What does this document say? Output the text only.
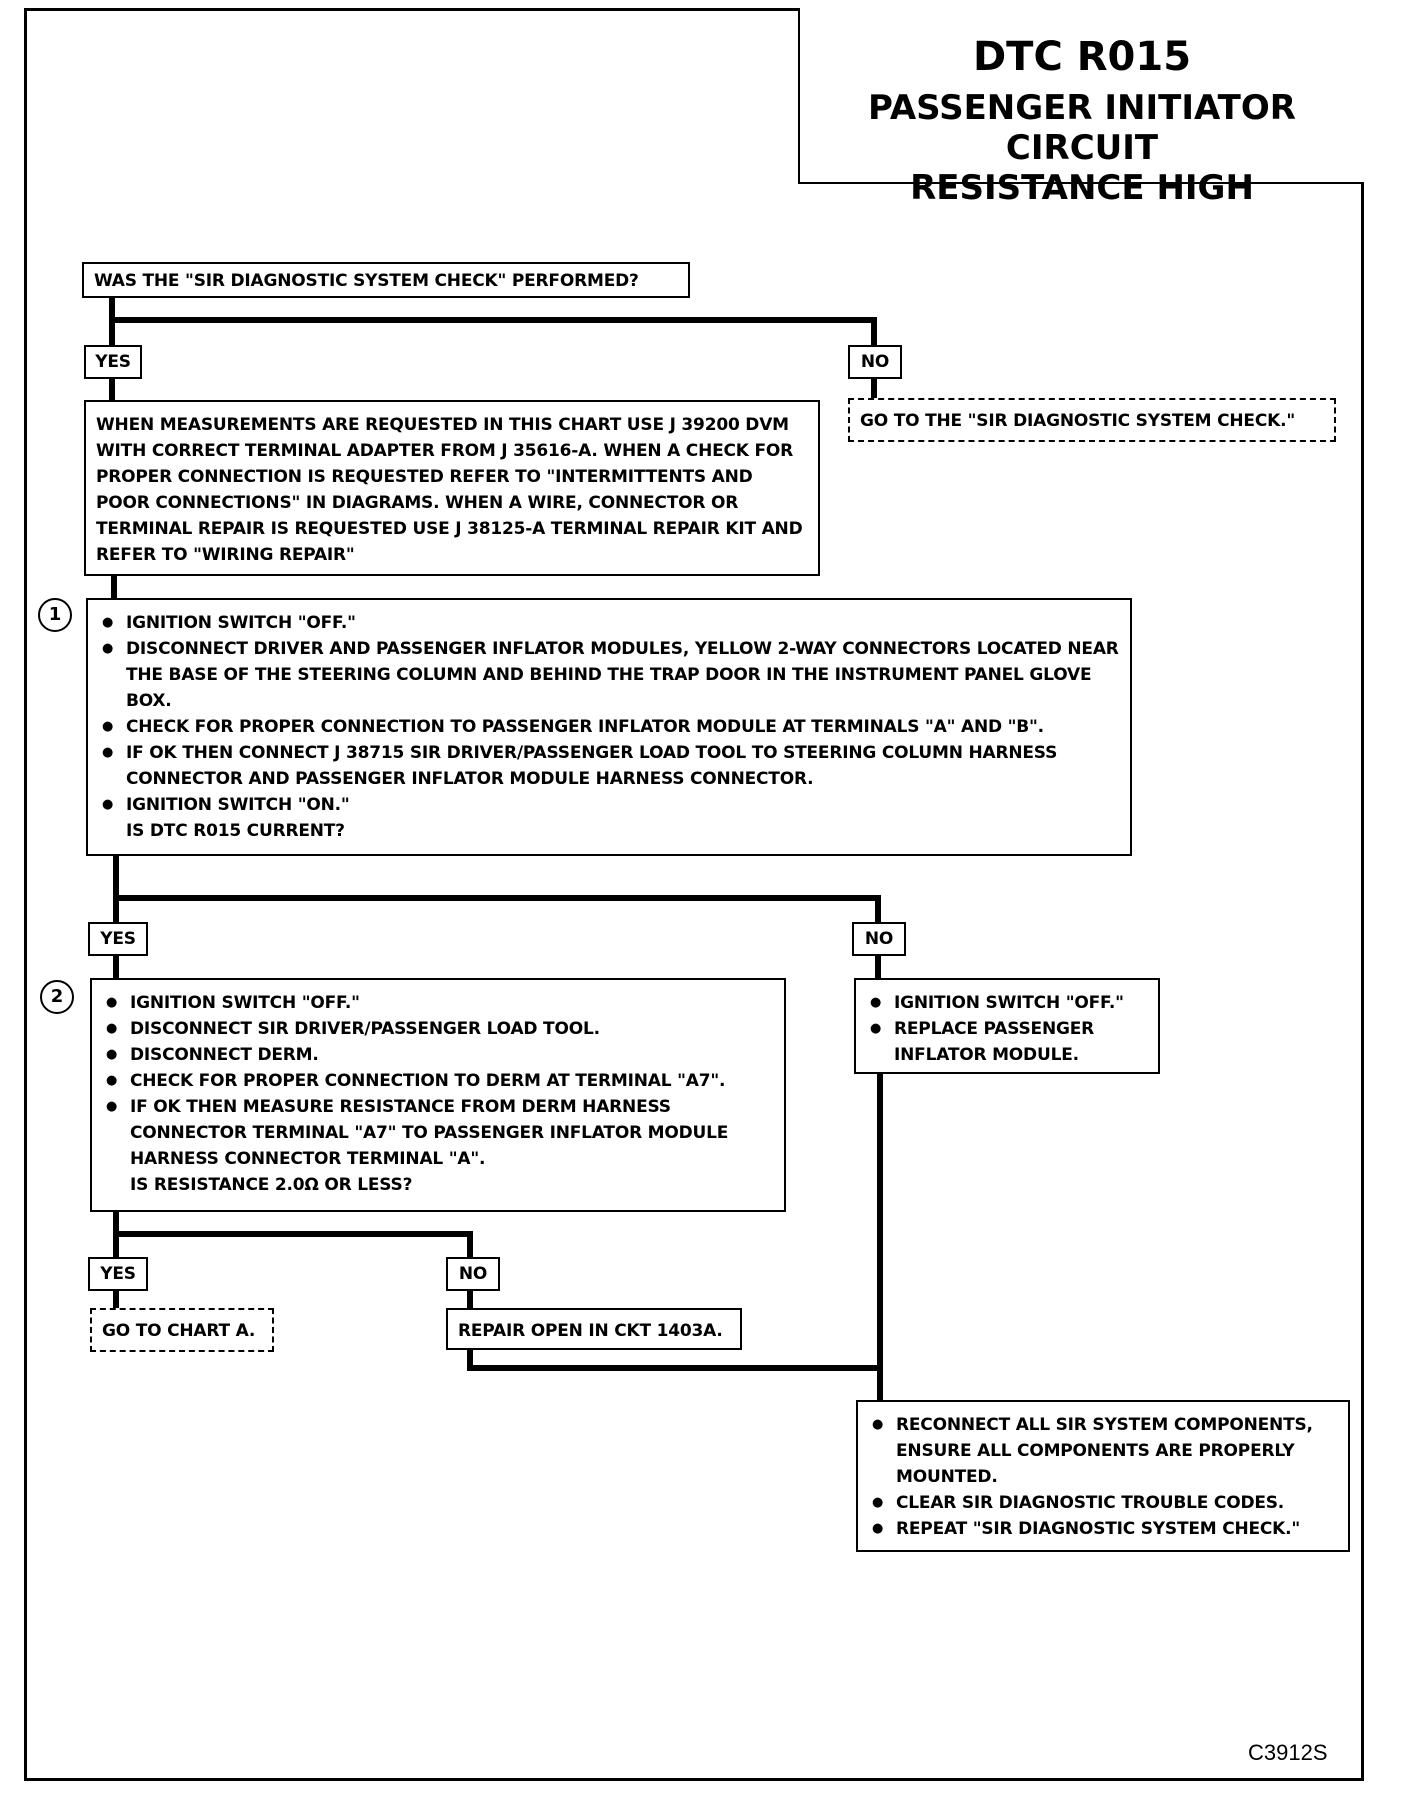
DTC R015
PASSENGER INITIATOR CIRCUIT
RESISTANCE HIGH
WAS THE "SIR DIAGNOSTIC SYSTEM CHECK" PERFORMED?
YES	NO
GO TO THE "SIR DIAGNOSTIC SYSTEM CHECK."
WHEN MEASUREMENTS ARE REQUESTED IN THIS CHART USE J 39200 DVM WITH CORRECT TERMINAL ADAPTER FROM J 35616-A. WHEN A CHECK FOR PROPER CONNECTION IS REQUESTED REFER TO "INTERMITTENTS AND POOR CONNECTIONS" IN DIAGRAMS. WHEN A WIRE, CONNECTOR OR TERMINAL REPAIR IS REQUESTED USE J 38125-A TERMINAL REPAIR KIT AND REFER TO "WIRING REPAIR"
1	● IGNITION SWITCH "OFF."
● DISCONNECT DRIVER AND PASSENGER INFLATOR MODULES, YELLOW 2-WAY CONNECTORS LOCATED NEAR THE BASE OF THE STEERING COLUMN AND BEHIND THE TRAP DOOR IN THE INSTRUMENT PANEL GLOVE BOX.
● CHECK FOR PROPER CONNECTION TO PASSENGER INFLATOR MODULE AT TERMINALS "A" AND "B".
● IF OK THEN CONNECT J 38715 SIR DRIVER/PASSENGER LOAD TOOL TO STEERING COLUMN HARNESS CONNECTOR AND PASSENGER INFLATOR MODULE HARNESS CONNECTOR.
● IGNITION SWITCH "ON."
IS DTC R015 CURRENT?
YES	NO
2	● IGNITION SWITCH "OFF."
● DISCONNECT SIR DRIVER/PASSENGER LOAD TOOL.
● DISCONNECT DERM.
● CHECK FOR PROPER CONNECTION TO DERM AT TERMINAL "A7".
● IF OK THEN MEASURE RESISTANCE FROM DERM HARNESS CONNECTOR TERMINAL "A7" TO PASSENGER INFLATOR MODULE HARNESS CONNECTOR TERMINAL "A".
IS RESISTANCE 2.0Ω OR LESS?
● IGNITION SWITCH "OFF."
● REPLACE PASSENGER INFLATOR MODULE.
YES	NO
GO TO CHART A.	REPAIR OPEN IN CKT 1403A.
● RECONNECT ALL SIR SYSTEM COMPONENTS, ENSURE ALL COMPONENTS ARE PROPERLY MOUNTED.
● CLEAR SIR DIAGNOSTIC TROUBLE CODES.
● REPEAT "SIR DIAGNOSTIC SYSTEM CHECK."
C3912S
